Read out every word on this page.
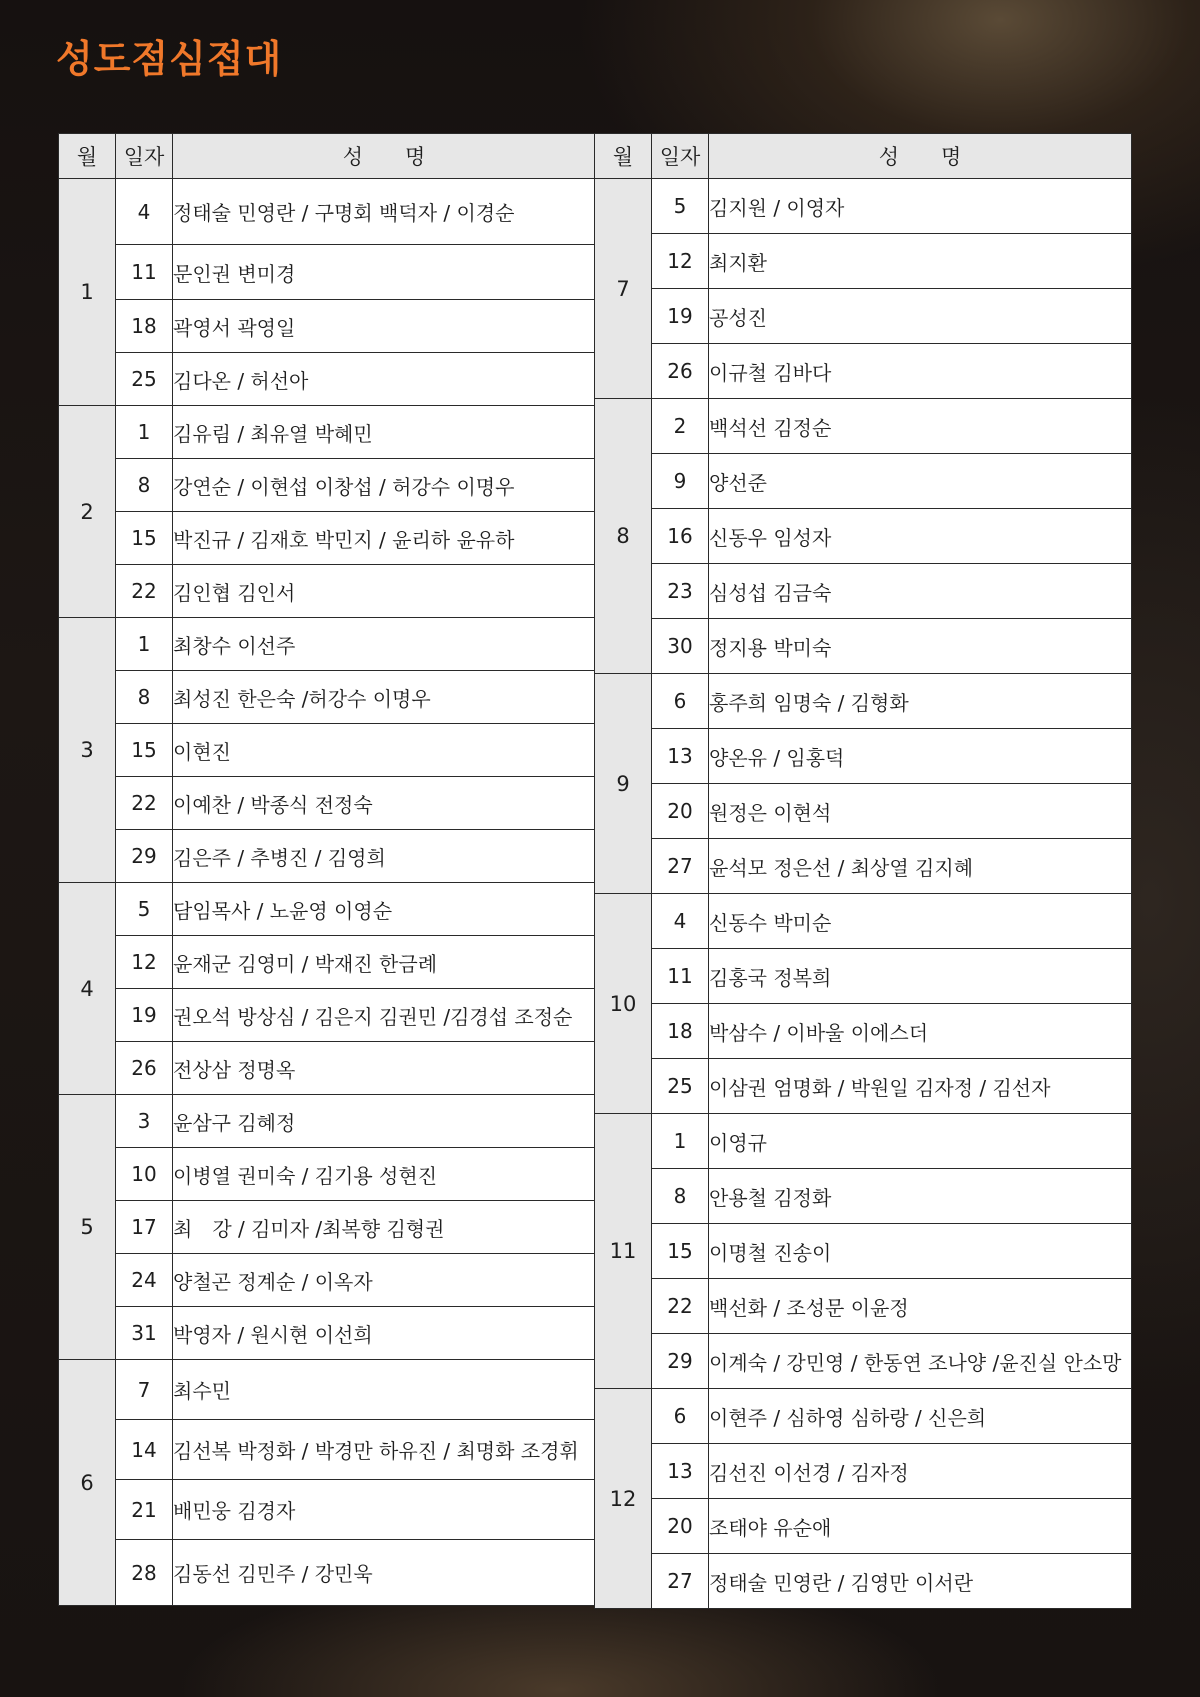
성도점심접대
월	일자	성　　명
1	4	정태술 민영란 / 구명회 백덕자 / 이경순
	11	문인권 변미경
	18	곽영서 곽영일
	25	김다온 / 허선아
2	1	김유림 / 최유열 박혜민
	8	강연순 / 이현섭 이창섭 / 허강수 이명우
	15	박진규 / 김재호 박민지 / 윤리하 윤유하
	22	김인협 김인서
3	1	최창수 이선주
	8	최성진 한은숙 /허강수 이명우
	15	이현진
	22	이예찬 / 박종식 전정숙
	29	김은주 / 추병진 / 김영희
4	5	담임목사 / 노윤영 이영순
	12	윤재군 김영미 / 박재진 한금례
	19	권오석 방상심 / 김은지 김권민 /김경섭 조정순
	26	전상삼 정명옥
5	3	윤삼구 김혜정
	10	이병열 권미숙 / 김기용 성현진
	17	최　강 / 김미자 /최복향 김형권
	24	양철곤 정계순 / 이옥자
	31	박영자 / 원시현 이선희
6	7	최수민
	14	김선복 박정화 / 박경만 하유진 / 최명화 조경휘
	21	배민웅 김경자
	28	김동선 김민주 / 강민욱
월	일자	성　　명
7	5	김지원 / 이영자
	12	최지환
	19	공성진
	26	이규철 김바다
8	2	백석선 김정순
	9	양선준
	16	신동우 임성자
	23	심성섭 김금숙
	30	정지용 박미숙
9	6	홍주희 임명숙 / 김형화
	13	양온유 / 임홍덕
	20	원정은 이현석
	27	윤석모 정은선 / 최상열 김지혜
10	4	신동수 박미순
	11	김홍국 정복희
	18	박삼수 / 이바울 이에스더
	25	이삼권 엄명화 / 박원일 김자정 / 김선자
11	1	이영규
	8	안용철 김정화
	15	이명철 진송이
	22	백선화 / 조성문 이윤정
	29	이계숙 / 강민영 / 한동연 조나양 /윤진실 안소망
12	6	이현주 / 심하영 심하랑 / 신은희
	13	김선진 이선경 / 김자정
	20	조태야 유순애
	27	정태술 민영란 / 김영만 이서란
